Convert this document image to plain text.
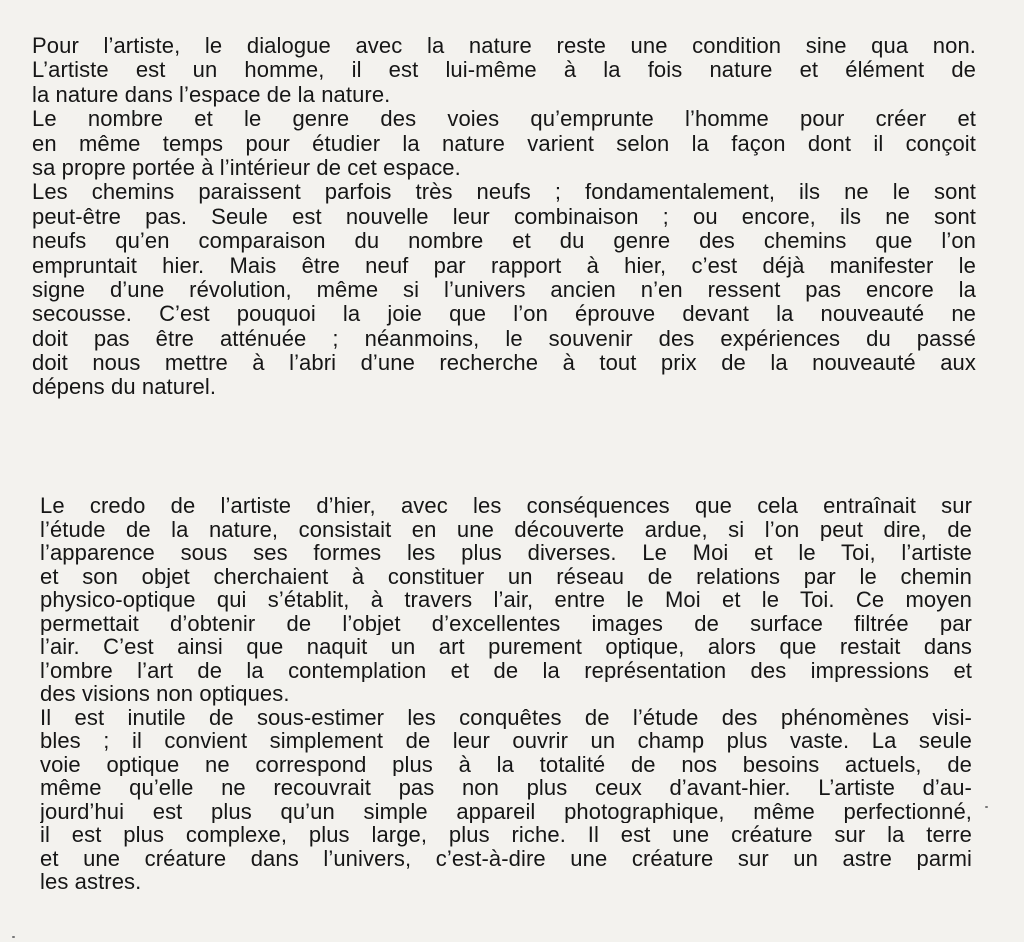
Pour l’artiste, le dialogue avec la nature reste une condition sine qua non.
L’artiste est un homme, il est lui-même à la fois nature et élément de
la nature dans l’espace de la nature.
Le nombre et le genre des voies qu’emprunte l’homme pour créer et
en même temps pour étudier la nature varient selon la façon dont il conçoit
sa propre portée à l’intérieur de cet espace.
Les chemins paraissent parfois très neufs ; fondamentalement, ils ne le sont
peut-être pas. Seule est nouvelle leur combinaison ; ou encore, ils ne sont
neufs qu’en comparaison du nombre et du genre des chemins que l’on
empruntait hier. Mais être neuf par rapport à hier, c’est déjà manifester le
signe d’une révolution, même si l’univers ancien n’en ressent pas encore la
secousse. C’est pouquoi la joie que l’on éprouve devant la nouveauté ne
doit pas être atténuée ; néanmoins, le souvenir des expériences du passé
doit nous mettre à l’abri d’une recherche à tout prix de la nouveauté aux
dépens du naturel.
Le credo de l’artiste d’hier, avec les conséquences que cela entraînait sur
l’étude de la nature, consistait en une découverte ardue, si l’on peut dire, de
l’apparence sous ses formes les plus diverses. Le Moi et le Toi, l’artiste
et son objet cherchaient à constituer un réseau de relations par le chemin
physico-optique qui s’établit, à travers l’air, entre le Moi et le Toi. Ce moyen
permettait d’obtenir de l’objet d’excellentes images de surface filtrée par
l’air. C’est ainsi que naquit un art purement optique, alors que restait dans
l’ombre l’art de la contemplation et de la représentation des impressions et
des visions non optiques.
Il est inutile de sous-estimer les conquêtes de l’étude des phénomènes visi-
bles ; il convient simplement de leur ouvrir un champ plus vaste. La seule
voie optique ne correspond plus à la totalité de nos besoins actuels, de
même qu’elle ne recouvrait pas non plus ceux d’avant-hier. L’artiste d’au-
jourd’hui est plus qu’un simple appareil photographique, même perfectionné,
il est plus complexe, plus large, plus riche. Il est une créature sur la terre
et une créature dans l’univers, c’est-à-dire une créature sur un astre parmi
les astres.
